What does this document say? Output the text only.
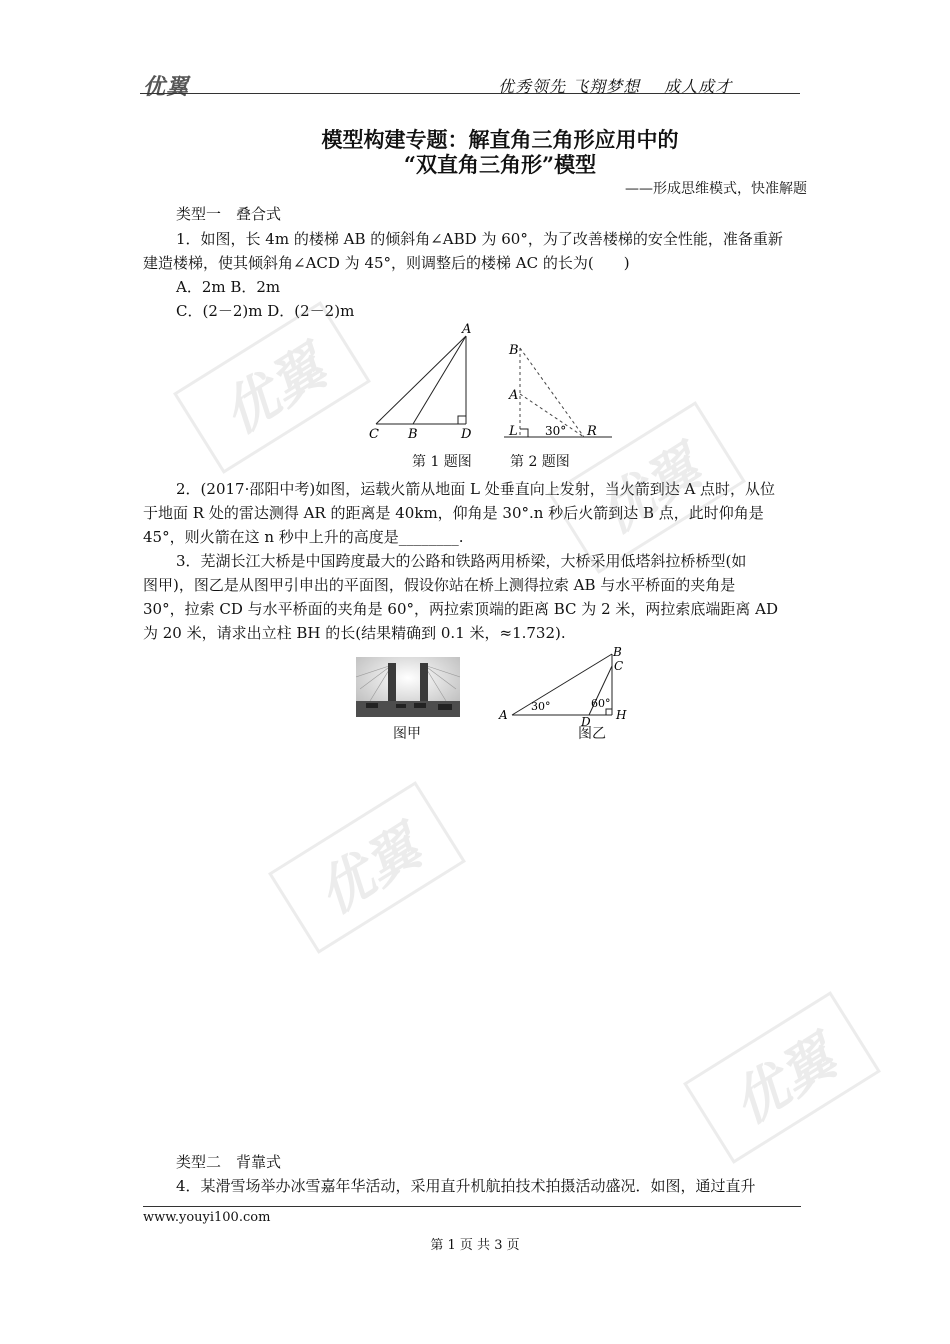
优翼	优秀领先 飞翔梦想 成人成才
模型构建专题：解直角三角形应用中的
“双直角三角形”模型
——形成思维模式，快准解题
类型一　叠合式
1．如图，长 4m 的楼梯 AB 的倾斜角∠ABD 为 60°，为了改善楼梯的安全性能，准备重新
建造楼梯，使其倾斜角∠ACD 为 45°，则调整后的楼梯 AC 的长为(　　)
A．2m B．2m
C．(2－2)m D．(2－2)m
A
C B	D
第 1 题图
B
A
L	R
30°
第 2 题图
2．(2017·邵阳中考)如图，运载火箭从地面 L 处垂直向上发射，当火箭到达 A 点时，从位
于地面 R 处的雷达测得 AR 的距离是 40km，仰角是 30°.n 秒后火箭到达 B 点，此时仰角是
45°，则火箭在这 n 秒中上升的高度是________.
3．芜湖长江大桥是中国跨度最大的公路和铁路两用桥梁，大桥采用低塔斜拉桥桥型(如
图甲)，图乙是从图甲引申出的平面图，假设你站在桥上测得拉索 AB 与水平桥面的夹角是
30°，拉索 CD 与水平桥面的夹角是 60°，两拉索顶端的距离 BC 为 2 米，两拉索底端距离 AD
为 20 米，请求出立柱 BH 的长(结果精确到 0.1 米，≈1.732).
图甲
B
C
A	D H
30°	60°
图乙
优翼
优翼
优翼
优翼
类型二　背靠式
4．某滑雪场举办冰雪嘉年华活动，采用直升机航拍技术拍摄活动盛况．如图，通过直升
www.youyi100.com
第 1 页 共 3 页
